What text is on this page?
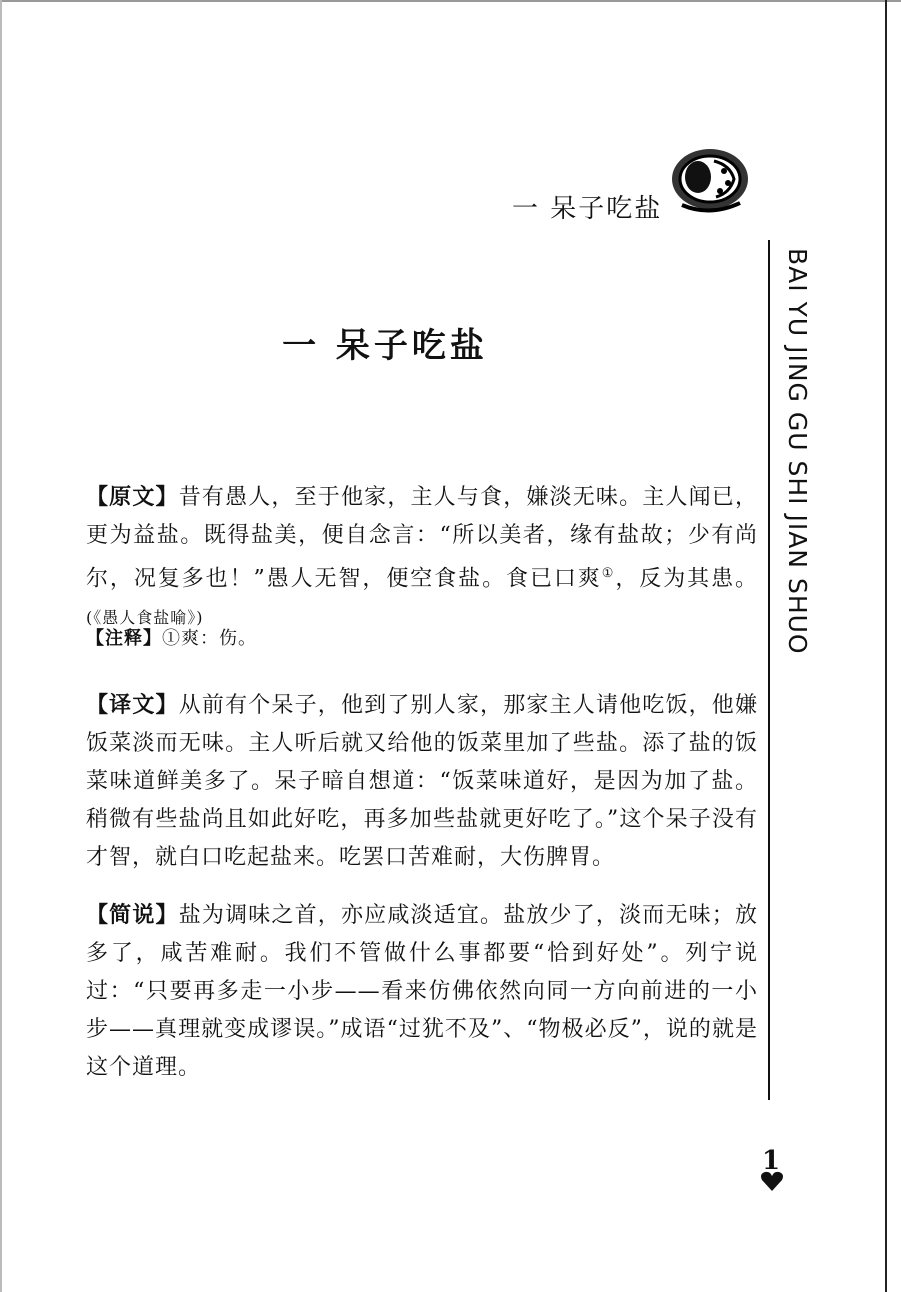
一 呆子吃盐
BAI YU JING GU SHI JIAN SHUO
一 呆子吃盐
【原文】昔有愚人，至于他家，主人与食，嫌淡无味。主人闻已，更为益盐。既得盐美，便自念言：“所以美者，缘有盐故；少有尚尔，况复多也！”愚人无智，便空食盐。食已口爽①，反为其患。(《愚人食盐喻》)
【注释】①爽：伤。
【译文】从前有个呆子，他到了别人家，那家主人请他吃饭，他嫌饭菜淡而无味。主人听后就又给他的饭菜里加了些盐。添了盐的饭菜味道鲜美多了。呆子暗自想道：“饭菜味道好，是因为加了盐。稍微有些盐尚且如此好吃，再多加些盐就更好吃了。”这个呆子没有才智，就白口吃起盐来。吃罢口苦难耐，大伤脾胃。
【简说】盐为调味之首，亦应咸淡适宜。盐放少了，淡而无味；放多了，咸苦难耐。我们不管做什么事都要“恰到好处”。列宁说过：“只要再多走一小步——看来仿佛依然向同一方向前进的一小步——真理就变成谬误。”成语“过犹不及”、“物极必反”，说的就是这个道理。
1
